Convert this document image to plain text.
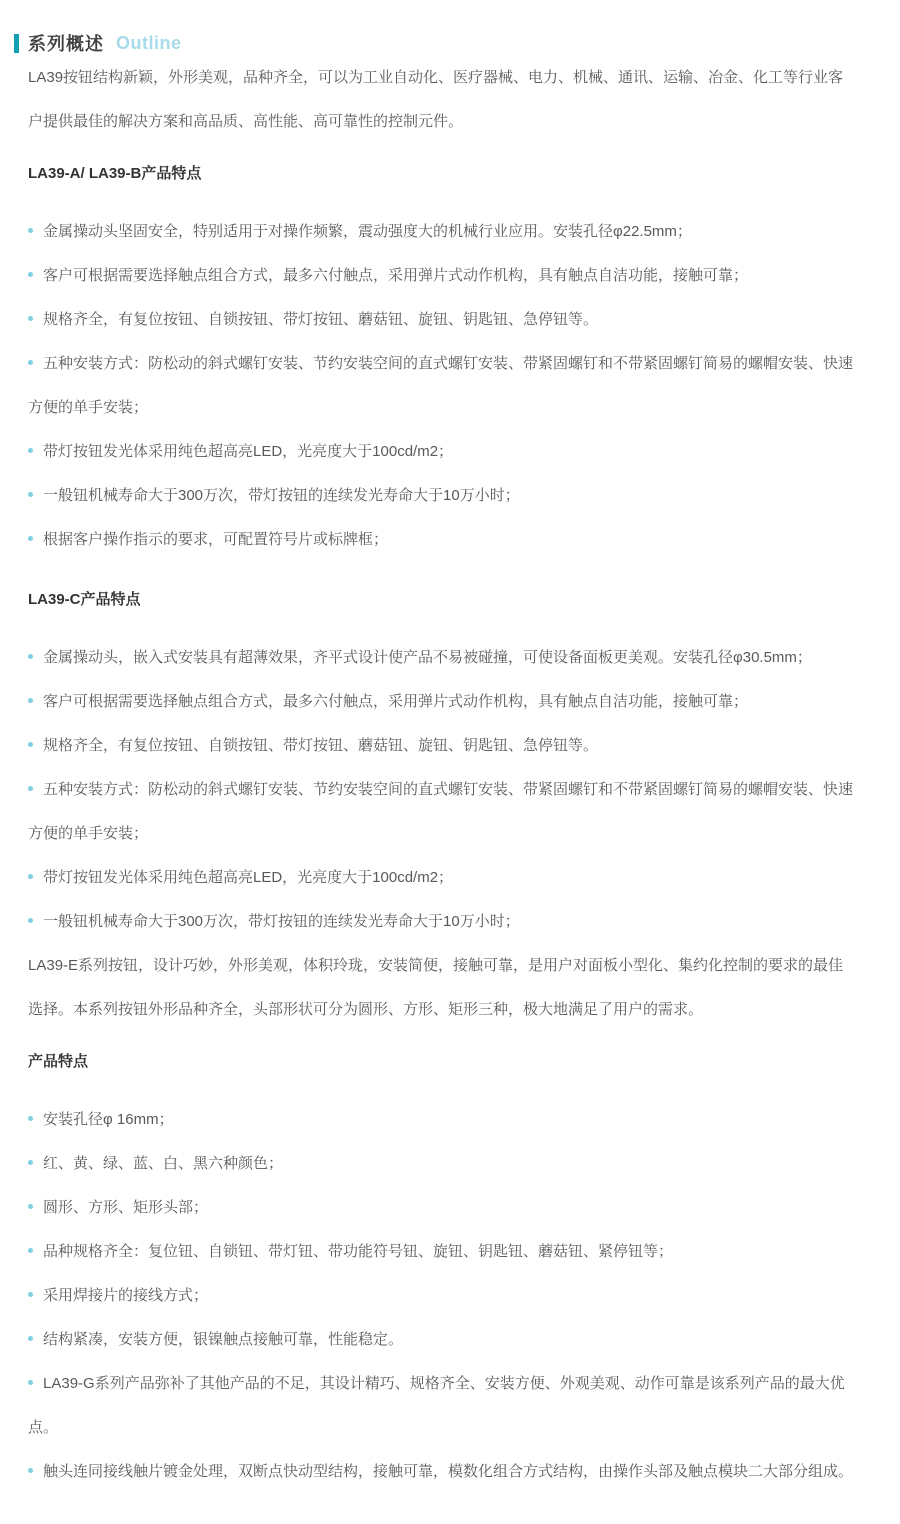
系列概述 Outline

LA39按钮结构新颖，外形美观，品种齐全，可以为工业自动化、医疗器械、电力、机械、通讯、运输、冶金、化工等行业客户提供最佳的解决方案和高品质、高性能、高可靠性的控制元件。

LA39-A/ LA39-B产品特点
金属操动头坚固安全，特别适用于对操作频繁，震动强度大的机械行业应用。安装孔径φ22.5mm；
客户可根据需要选择触点组合方式，最多六付触点，采用弹片式动作机构，具有触点自洁功能，接触可靠；
规格齐全，有复位按钮、自锁按钮、带灯按钮、蘑菇钮、旋钮、钥匙钮、急停钮等。
五种安装方式：防松动的斜式螺钉安装、节约安装空间的直式螺钉安装、带紧固螺钉和不带紧固螺钉简易的螺帽安装、快速方便的单手安装；
带灯按钮发光体采用纯色超高亮LED，光亮度大于100cd/m2；
一般钮机械寿命大于300万次，带灯按钮的连续发光寿命大于10万小时；
根据客户操作指示的要求，可配置符号片或标牌框；
LA39-C产品特点
金属操动头，嵌入式安装具有超薄效果，齐平式设计使产品不易被碰撞，可使设备面板更美观。安装孔径φ30.5mm；
客户可根据需要选择触点组合方式，最多六付触点，采用弹片式动作机构，具有触点自洁功能，接触可靠；
规格齐全，有复位按钮、自锁按钮、带灯按钮、蘑菇钮、旋钮、钥匙钮、急停钮等。
五种安装方式：防松动的斜式螺钉安装、节约安装空间的直式螺钉安装、带紧固螺钉和不带紧固螺钉简易的螺帽安装、快速方便的单手安装；
带灯按钮发光体采用纯色超高亮LED，光亮度大于100cd/m2；
一般钮机械寿命大于300万次，带灯按钮的连续发光寿命大于10万小时；

LA39-E系列按钮，设计巧妙，外形美观，体积玲珑，安装简便，接触可靠，是用户对面板小型化、集约化控制的要求的最佳选择。本系列按钮外形品种齐全，头部形状可分为圆形、方形、矩形三种，极大地满足了用户的需求。

产品特点
安装孔径φ 16mm；
红、黄、绿、蓝、白、黑六种颜色；
圆形、方形、矩形头部；
品种规格齐全：复位钮、自锁钮、带灯钮、带功能符号钮、旋钮、钥匙钮、蘑菇钮、紧停钮等；
采用焊接片的接线方式；
结构紧凑，安装方便，银镍触点接触可靠，性能稳定。
LA39-G系列产品弥补了其他产品的不足，其设计精巧、规格齐全、安装方便、外观美观、动作可靠是该系列产品的最大优点。
触头连同接线触片镀金处理，双断点快动型结构，接触可靠，模数化组合方式结构，由操作头部及触点模块二大部分组成。
